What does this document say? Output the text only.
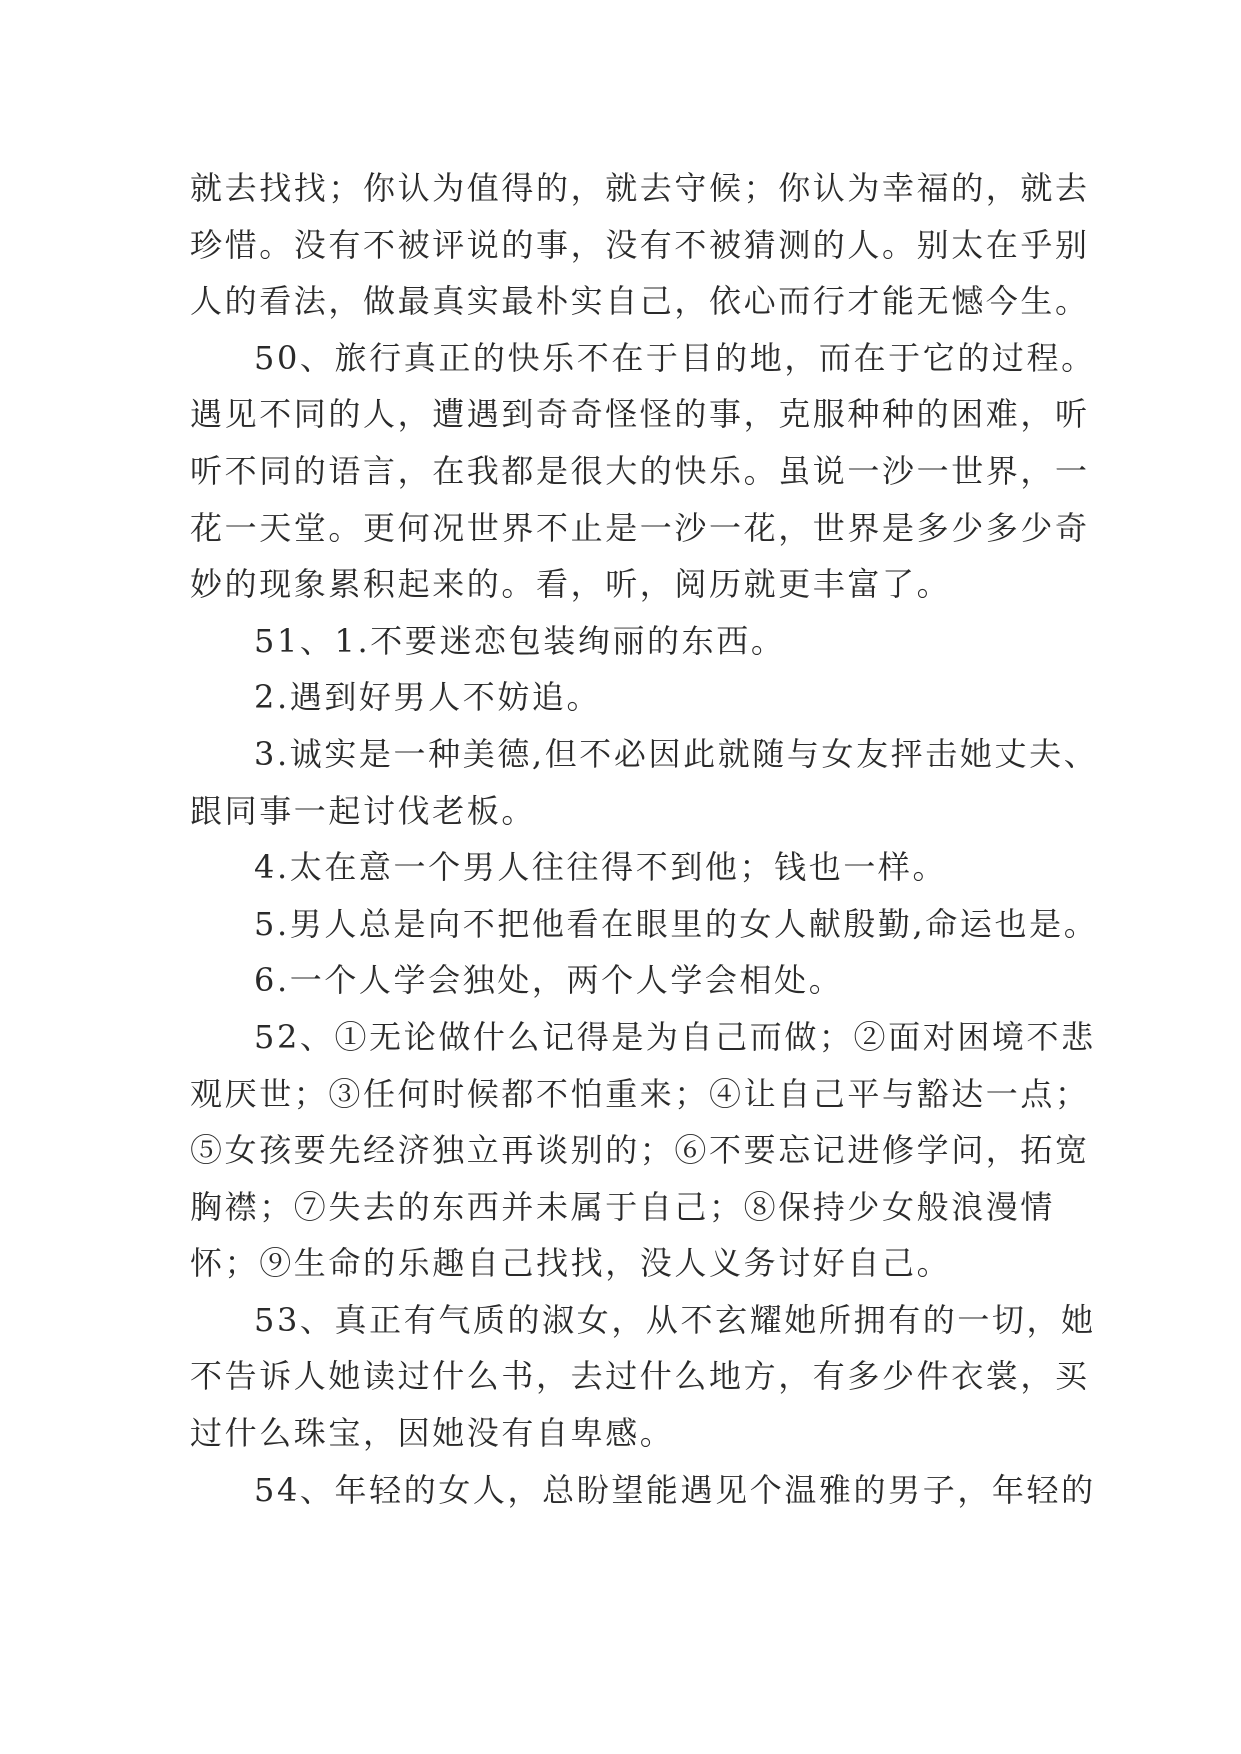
就去找找；你认为值得的，就去守候；你认为幸福的，就去
珍惜。没有不被评说的事，没有不被猜测的人。别太在乎别
人的看法，做最真实最朴实自己，依心而行才能无憾今生。
50、旅行真正的快乐不在于目的地，而在于它的过程。
遇见不同的人，遭遇到奇奇怪怪的事，克服种种的困难，听
听不同的语言，在我都是很大的快乐。虽说一沙一世界，一
花一天堂。更何况世界不止是一沙一花，世界是多少多少奇
妙的现象累积起来的。看，听，阅历就更丰富了。
51、1.不要迷恋包装绚丽的东西。
2.遇到好男人不妨追。
3.诚实是一种美德,但不必因此就随与女友抨击她丈夫、
跟同事一起讨伐老板。
4.太在意一个男人往往得不到他；钱也一样。
5.男人总是向不把他看在眼里的女人献殷勤,命运也是。
6.一个人学会独处，两个人学会相处。
52、①无论做什么记得是为自己而做；②面对困境不悲
观厌世；③任何时候都不怕重来；④让自己平与豁达一点；
⑤女孩要先经济独立再谈别的；⑥不要忘记进修学问，拓宽
胸襟；⑦失去的东西并未属于自己；⑧保持少女般浪漫情
怀；⑨生命的乐趣自己找找，没人义务讨好自己。
53、真正有气质的淑女，从不玄耀她所拥有的一切，她
不告诉人她读过什么书，去过什么地方，有多少件衣裳，买
过什么珠宝，因她没有自卑感。
54、年轻的女人，总盼望能遇见个温雅的男子，年轻的
